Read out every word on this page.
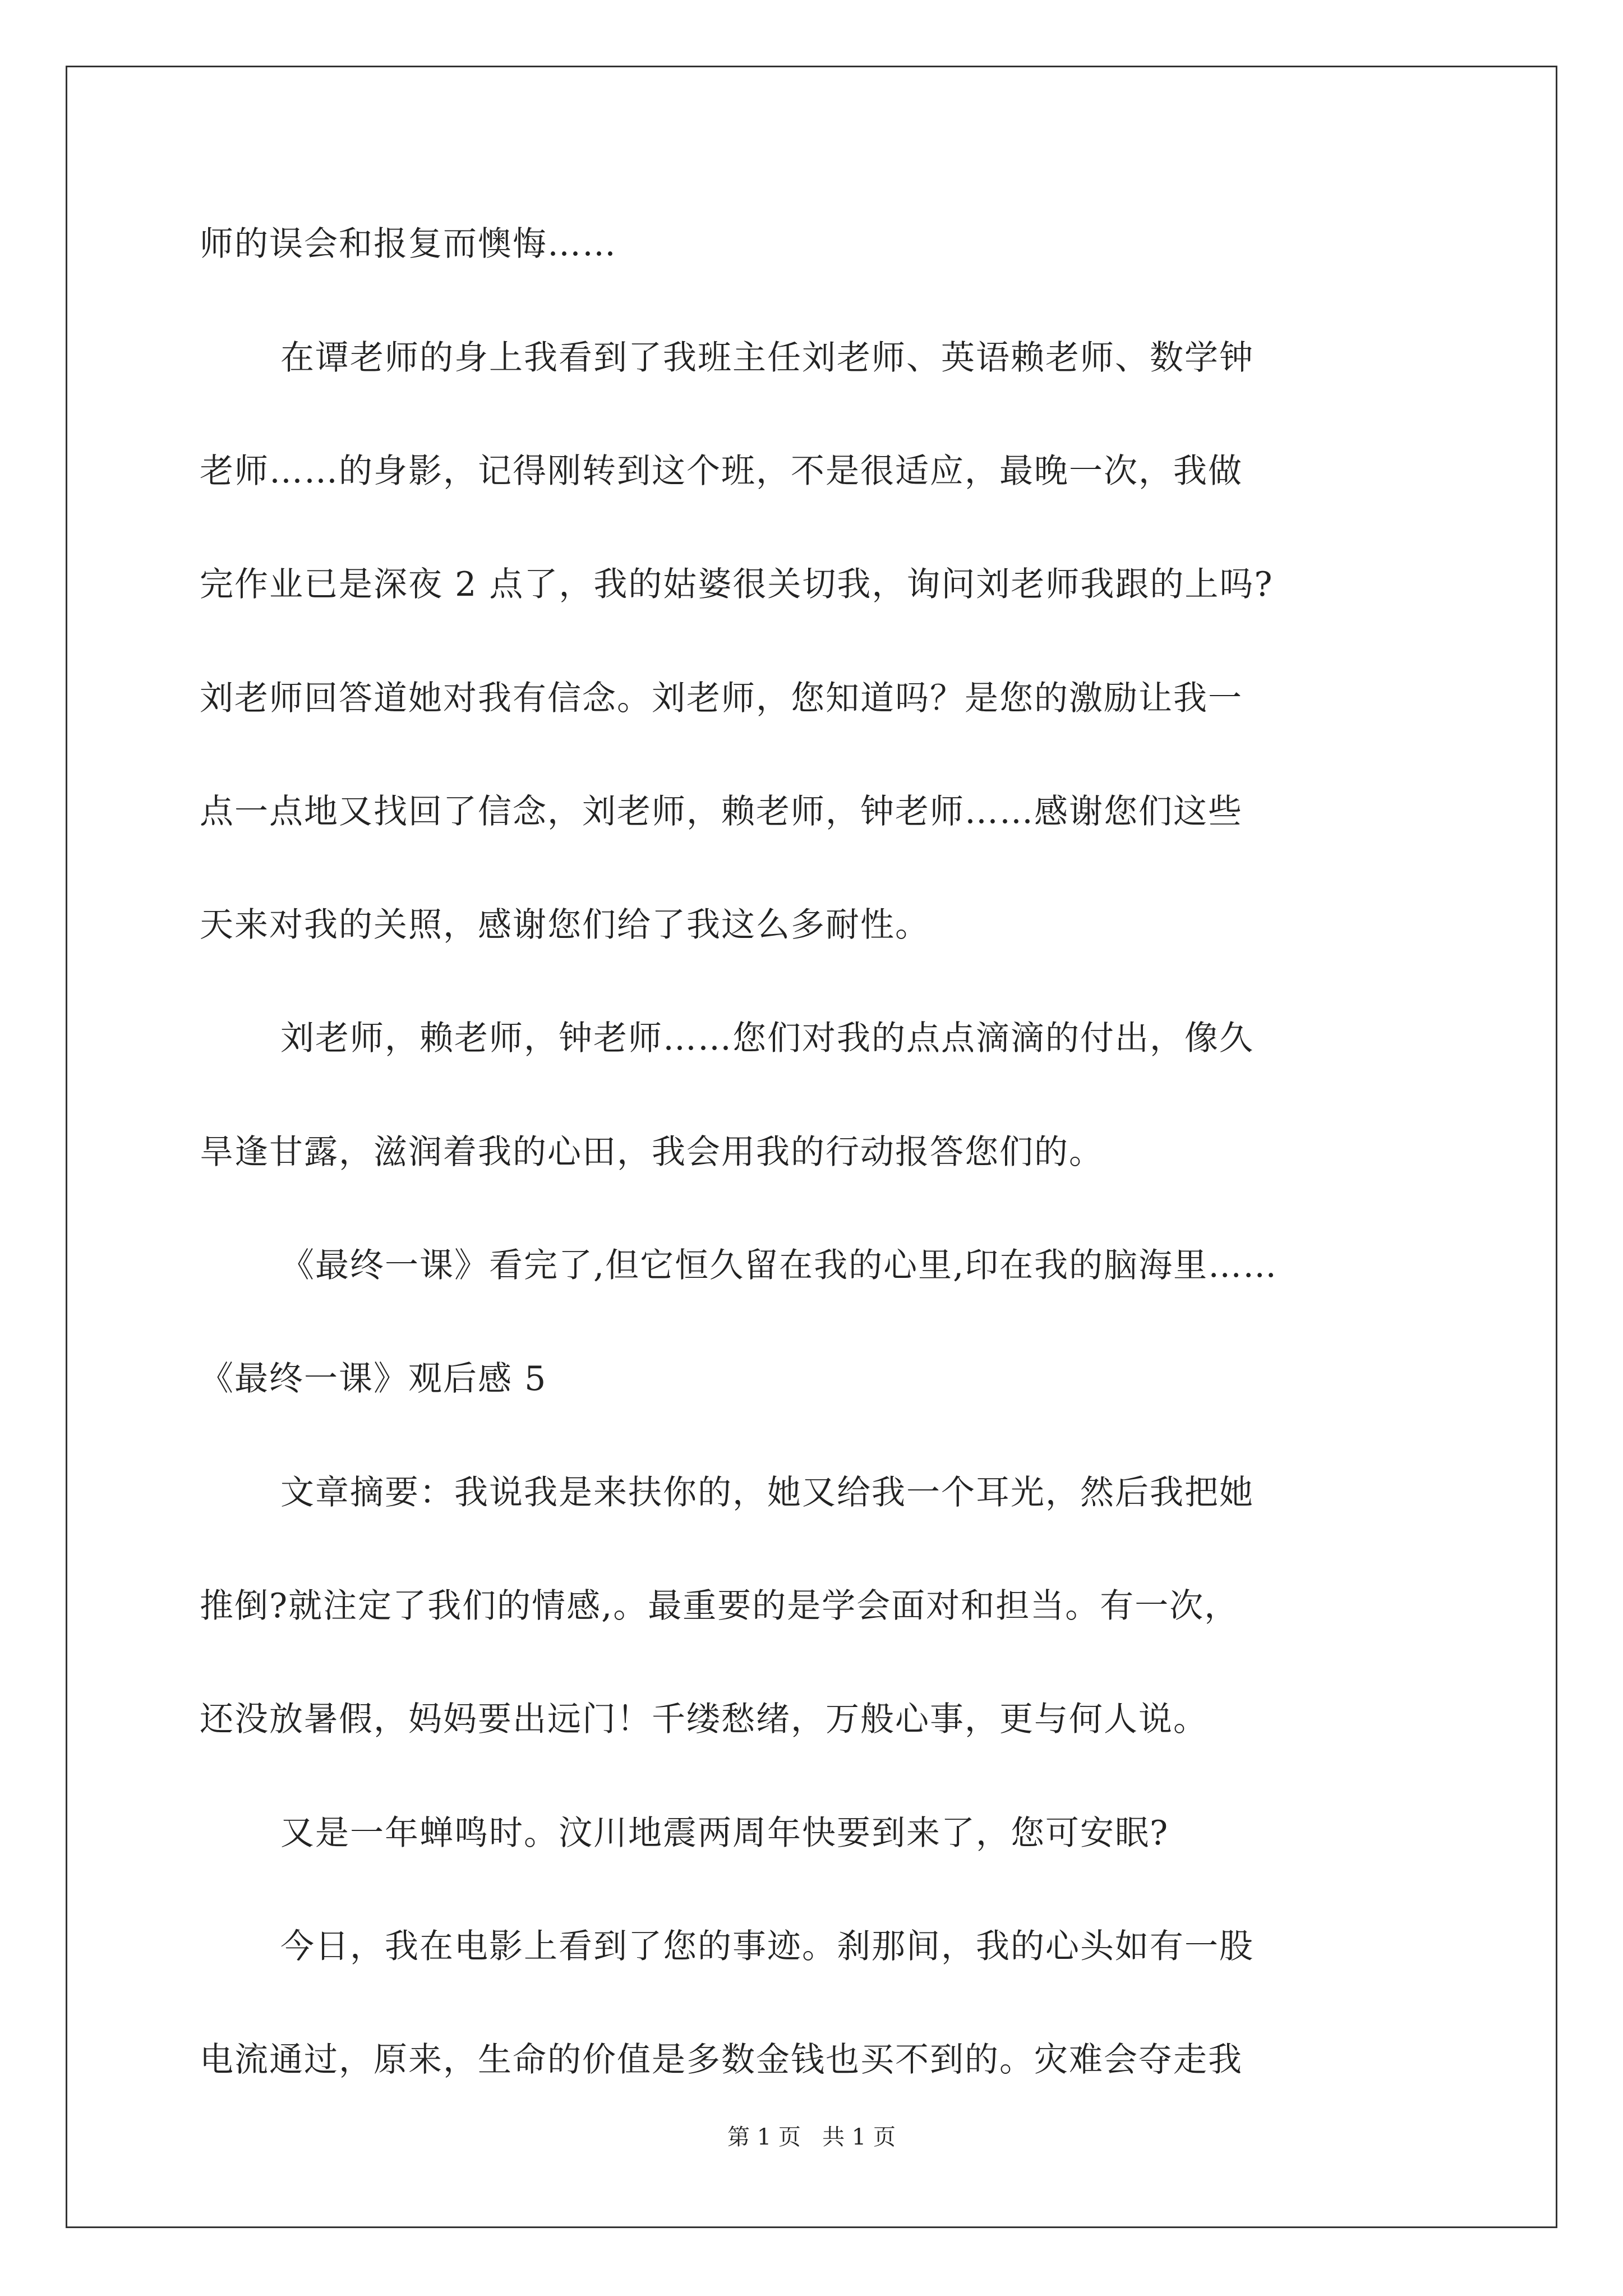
师的误会和报复而懊悔……
在谭老师的身上我看到了我班主任刘老师、英语赖老师、数学钟
老师……的身影，记得刚转到这个班，不是很适应，最晚一次，我做
完作业已是深夜 2 点了，我的姑婆很关切我，询问刘老师我跟的上吗?
刘老师回答道她对我有信念。刘老师，您知道吗？是您的激励让我一
点一点地又找回了信念，刘老师，赖老师，钟老师……感谢您们这些
天来对我的关照，感谢您们给了我这么多耐性。
刘老师，赖老师，钟老师……您们对我的点点滴滴的付出，像久
旱逢甘露，滋润着我的心田，我会用我的行动报答您们的。
《最终一课》看完了,但它恒久留在我的心里,印在我的脑海里……
《最终一课》观后感 5
文章摘要：我说我是来扶你的，她又给我一个耳光，然后我把她
推倒?就注定了我们的情感,。最重要的是学会面对和担当。有一次，
还没放暑假，妈妈要出远门！千缕愁绪，万般心事，更与何人说。
又是一年蝉鸣时。汶川地震两周年快要到来了，您可安眠?
今日，我在电影上看到了您的事迹。刹那间，我的心头如有一股
电流通过，原来，生命的价值是多数金钱也买不到的。灾难会夺走我
第 1 页   共 1 页
